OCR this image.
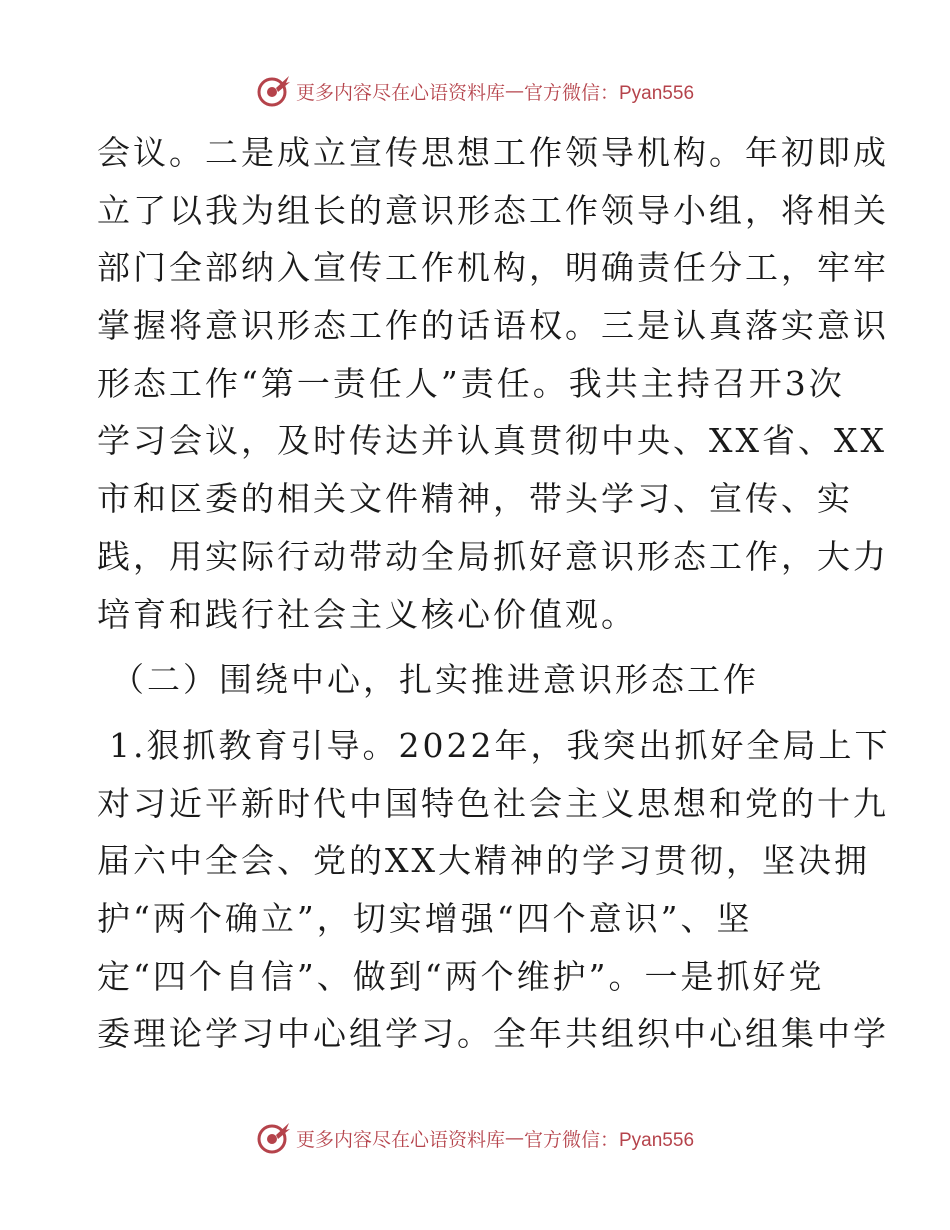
更多内容尽在心语资料库 — 官方微信：Pyan556
会议。二是成立宣传思想工作领导机构。年初即成
立了以我为组长的意识形态工作领导小组，将相关
部门全部纳入宣传工作机构，明确责任分工，牢牢
掌握将意识形态工作的话语权。三是认真落实意识
形态工作“第一责任人”责任。我共主持召开3次
学习会议，及时传达并认真贯彻中央、XX省、XX
市和区委的相关文件精神，带头学习、宣传、实
践，用实际行动带动全局抓好意识形态工作，大力
培育和践行社会主义核心价值观。
（二）围绕中心，扎实推进意识形态工作
1.狠抓教育引导。2022年，我突出抓好全局上下
对习近平新时代中国特色社会主义思想和党的十九
届六中全会、党的XX大精神的学习贯彻，坚决拥
护“两个确立”，切实增强“四个意识”、坚
定“四个自信”、做到“两个维护”。一是抓好党
委理论学习中心组学习。全年共组织中心组集中学
更多内容尽在心语资料库 — 官方微信：Pyan556
